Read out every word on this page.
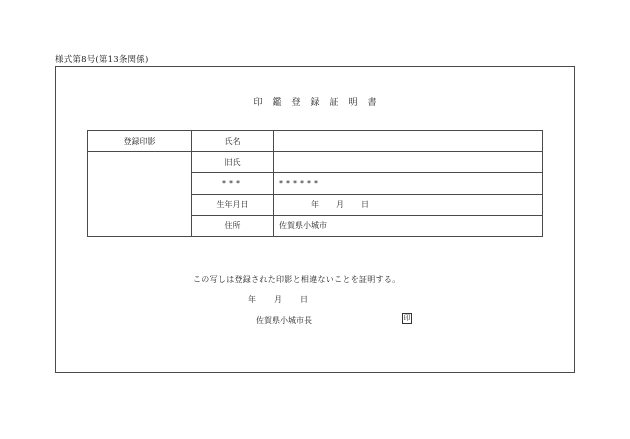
様式第8号(第13条関係)
印 鑑 登 録 証 明 書
登録印影	氏名	
	旧氏	
	***	******
	生年月日	年 月 日
	住所	佐賀県小城市
この写しは登録された印影と相違ないことを証明する。
年 月 日
佐賀県小城市長	印
